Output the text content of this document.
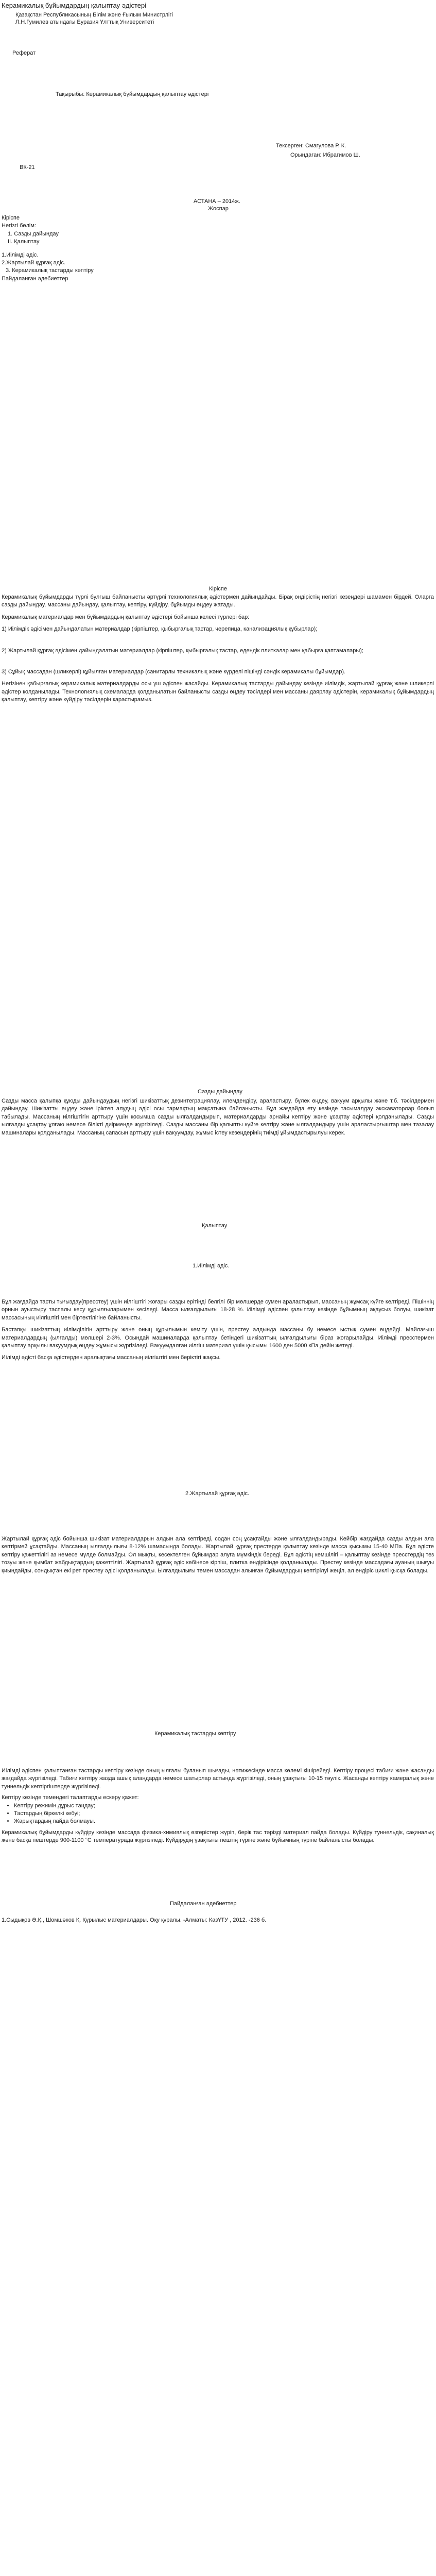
Керамикалық бұйымдардың қалыптау әдістері
Қазақстан Республикасының Білім және Ғылым Министрлігі
Л.Н.Гумилев атындағы Еуразия Ұлттық Университеті
Реферат
Тақырыбы: Керамикалық бұйымдардың қалыптау әдістері
Тексерген: Смагулова Р. К.
Орындаған: Ибрагимов Ш.
ВК-21
АСТАНА – 2014ж.
Жоспар
Кіріспе
Негізгі бөлім:
1. Сазды дайындау
II. Қалыптау
1.Иілімді әдіс.
2.Жартылай құрғақ әдіс.
3. Керамикалық тастарды көптіру
Пайдаланған әдебиеттер
Кіріспе

Керамикалық бұйымдарды түрлі булғыш байланысты әртүрлі технологиялық әдістермен дайындайды. Бірақ өндірістің негізгі кезеңдері шамамен бірдей. Оларға сазды дайындау, массаны дайындау, қалыптау, кептіру, күйдіру, бұйымды өңдеу жатады.

Керамикалық материалдар мен бұйымдардың қалыптау әдістері бойынша келесі түрлері бар:

1) Иілімдік әдісімен дайындалатын материалдар (кірпіштер, қыбырғалық тастар, черепица, канализациялық құбырлар);

2) Жартылай құрғақ әдісімен дайындалатын материалдар (кірпіштер, қыбырғалық тастар, едендік плиткалар мен қабырға қаптамалары);

3) Сұйық массадан (шликерлі) құйылған материалдар (санитарлы техникалық және күрделі пішінді сәндік керамикалы бұйымдар).

Негізінен қабырғалық керамикалық материалдарды осы үш әдіспен жасайды. Керамикалық тастарды дайындау кезінде иілімдік, жартылай құрғақ және шликерлі әдістер қолданылады. Технологиялық схемаларда қолданылатын байланысты сазды өңдеу тәсілдері мен массаны даярлау әдістерін, керамикалық бұйымдардың қалыптау, кептіру және күйдіру тәсілдерін қарастырамыз.

Сазды дайындау

Сазды масса қалыпқа құюды дайындаудың негізгі шикізаттық дезинтеграциялау, илемдендіру, араластыру, бүлек өңдеу, вакуум арқылы және т.б. тәсілдермен дайындау. Шикізатты өңдеу және іріктеп алудың әдісі осы тармақтың мақсатына байланысты. Бұл жағдайда ету кезінде тасымалдау экскаваторлар болып табылады. Массаның иілгіштігін арттыру үшін қосымша сазды ылғалдандырып, материалдарды арнайы кептіру және ұсақтау әдістері қолданылады. Сазды ылғалды ұсақтау ұлғаю немесе білікті диірменде жүргізіледі. Сазды массаны бір қалыпты күйге келтіру және ылғалдандыру үшін араластырғыштар мен тазалау машиналары қолданылады. Массаның сапасын арттыру үшін вакуумдау, жұмыс істеу кезеңдерінің тиімді ұйымдастырылуы керек.

Қалыптау
1.Иілімді әдіс.

Бұл жағдайда тасты тығыздау(пресстеу) үшін иілгіштігі жоғары сазды ерітінді белгілі бір мөлшерде сумен араластырып, массаның жұмсақ күйге келтіреді. Пішіннің орнын ауыстыру таспалы кесу құрылғыларымен кесіледі. Масса ылғалдылығы 18-28 %. Иілімді әдіспен қалыптау кезінде бұйымның ақаусыз болуы, шикізат массасының иілгіштігі мен біртектілігіне байланысты.

Бастапқы шикізаттың иілімділігін арттыру және оның құрылымын кемiту үшін, престеу алдында массаны бу немесе ыстық сумен өңдейді. Майлағыш материалдардың (ылғалды) мөлшері 2-3%. Осындай машиналарда қалыптау бетіндегі шикізаттың ылғалдылығы біраз жоғарылайды. Иілімді пресстермен қалыптау арқылы вакуумдық өңдеу жұмысы жүргізіледі. Вакуумдалған иілгіш материал үшін қысымы 1600 ден 5000 кПа дейін жетеді.

Иілімді әдісті басқа әдістерден аралықтағы массаның иілгіштігі мен беріктігі жақсы.

2.Жартылай құрғақ әдіс.

Жартылай құрғақ әдіс бойынша шикізат материалдарын алдын ала кептіреді, содан соң ұсақтайды және ылғалдандырады. Кейбір жағдайда сазды алдын ала кептірмей ұсақтайды. Массаның ылғалдылығы 8-12% шамасында болады. Жартылай құрғақ престерде қалыптау кезінде масса қысымы 15-40 МПа. Бұл әдісте кептіру қажеттілігі аз немесе мүлде болмайды. Ол мықты, кесектелген бұйымдар алуға мүмкіндік береді. Бұл әдістің кемшілігі – қалыптау кезінде пресстердің тез тозуы және қымбат жабдықтардың қажеттілігі. Жартылай құрғақ әдіс көбінесе кірпіш, плитка өндірісінде қолданылады. Престеу кезінде массадағы ауаның шығуы қиындайды, сондықтан екі рет престеу әдісі қолданылады. Ылғалдылығы төмен массадан алынған бұйымдардың кептірілуі жеңіл, ал өндіріс циклі қысқа болады.

Керамикалық тастарды көптіру

Иілімді әдіспен қалыптанған тастарды кептіру кезінде оның ылғалы буланып шығады, нәтижесінде масса көлемі кішірейеді. Кептіру процесі табиғи және жасанды жағдайда жүргізіледі. Табиғи кептіру жазда ашық алаңдарда немесе шатырлар астында жүргізіледі, оның ұзақтығы 10-15 тәулік. Жасанды кептіру камералық және туннельдік кептіргіштерде жүргізіледі.

Кептіру кезінде төмендегі талаптарды ескеру қажет:

• Кептіру режимін дұрыс таңдау;
• Тастардың біркелкі кебуі;
• Жарықтардың пайда болмауы.

Керамикалық бұйымдарды күйдіру кезінде массада физика-химиялық өзгерістер жүріп, берік тас тәрізді материал пайда болады. Күйдіру туннельдік, сақиналық және басқа пештерде 900-1100 °C температурада жүргізіледі. Күйдірудің ұзақтығы пештің түріне және бұйымның түріне байланысты болады.

Пайдаланған әдебиеттер

1.Сыдықов Ә.Қ., Шөмшәков Қ. Құрылыс материалдары. Оқу құралы. -Алматы: КазҰТУ , 2012. -236 б.
